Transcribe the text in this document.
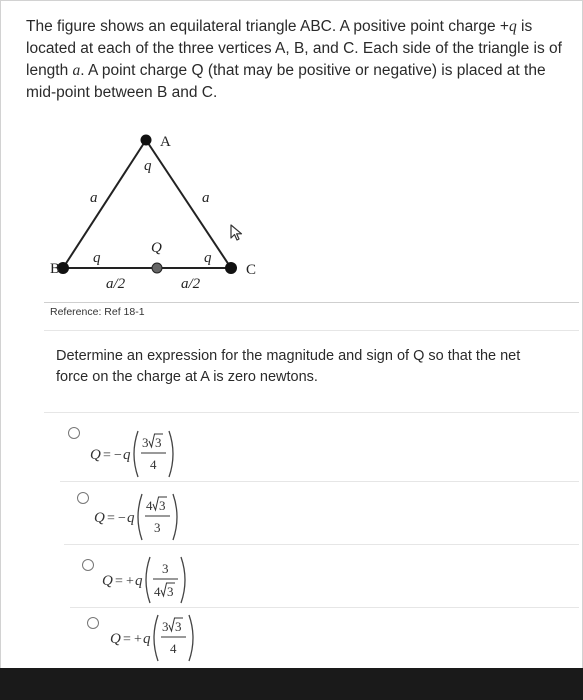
The figure shows an equilateral triangle ABC. A positive point charge +q is located at each of the three vertices A, B, and C. Each side of the triangle is of length a. A point charge Q (that may be positive or negative) is placed at the mid-point between B and C.
A
B	C
q
a	a
Q
q	q
a/2	a/2
Reference: Ref 18-1
Determine an expression for the magnitude and sign of Q so that the net force on the charge at A is zero newtons.
Q = − q
3 3
4
Q = − q
4 3
3
Q = + q
3
4 3
Q = + q
3 3
4
